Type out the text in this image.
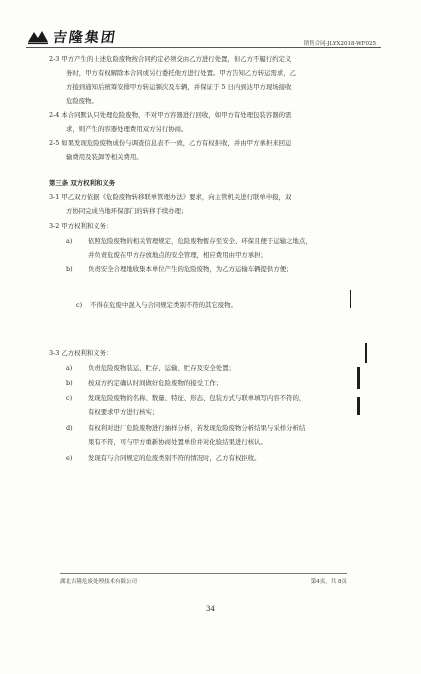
吉隆集团	销售合同-JLYX2018-WF025
2-3 甲方产生的上述危险废物按合同约定必须交由乙方进行处置，但乙方不履行约定义
务时，甲方有权解除本合同或另行委托他方进行处置。甲方告知乙方转运需求，乙
方接到通知后统筹安排甲方转运频次及车辆，并保证于 5 日内到达甲方现场接收
危险废物。
2-4 本合同默认只处理危险废物，不对甲方容器进行回收，如甲方有处理包装容器的需
求，则产生的容器处理费用双方另行协商。
2-5 如果发现危险废物成份与调查信息表不一致，乙方有权拒收，并由甲方承担来回运
输费用及装卸等相关费用。
第三条 双方权利和义务
3-1 甲乙双方依据《危险废物转移联单管理办法》要求，向主管机关进行联单申报，双
方协同完成当地环保部门的转移手续办理；
3-2 甲方权利和义务：
a) 依照危险废物的相关管理规定，危险废物暂存至安全、环保且便于运输之地点，
并负责危废在甲方存放地点的安全管理，相应费用由甲方承担；
b) 负责安全合理地收集本单位产生的危险废物，为乙方运输车辆提供方便；
c) 不得在危废中混入与合同规定类别不符的其它废物。
3-3 乙方权利和义务：
a) 负责危险废物装运、贮存、运输、贮存及安全处置；
b) 按双方约定确认时间做好危险废物的接受工作；
c) 发现危险废物的名称、数量、特征、形态、包装方式与联单填写内容不符的，
有权要求甲方进行核实；
d) 有权利对进厂危险废物进行抽样分析，若发现危险废物分析结果与采样分析结
果有不符，可与甲方重新协商处置单价并对化验结果进行核认。
e) 发现有与合同规定的危废类别不符的情况时，乙方有权拒收。
湖北吉隆危废处理技术有限公司	第4页，共 8页
34
